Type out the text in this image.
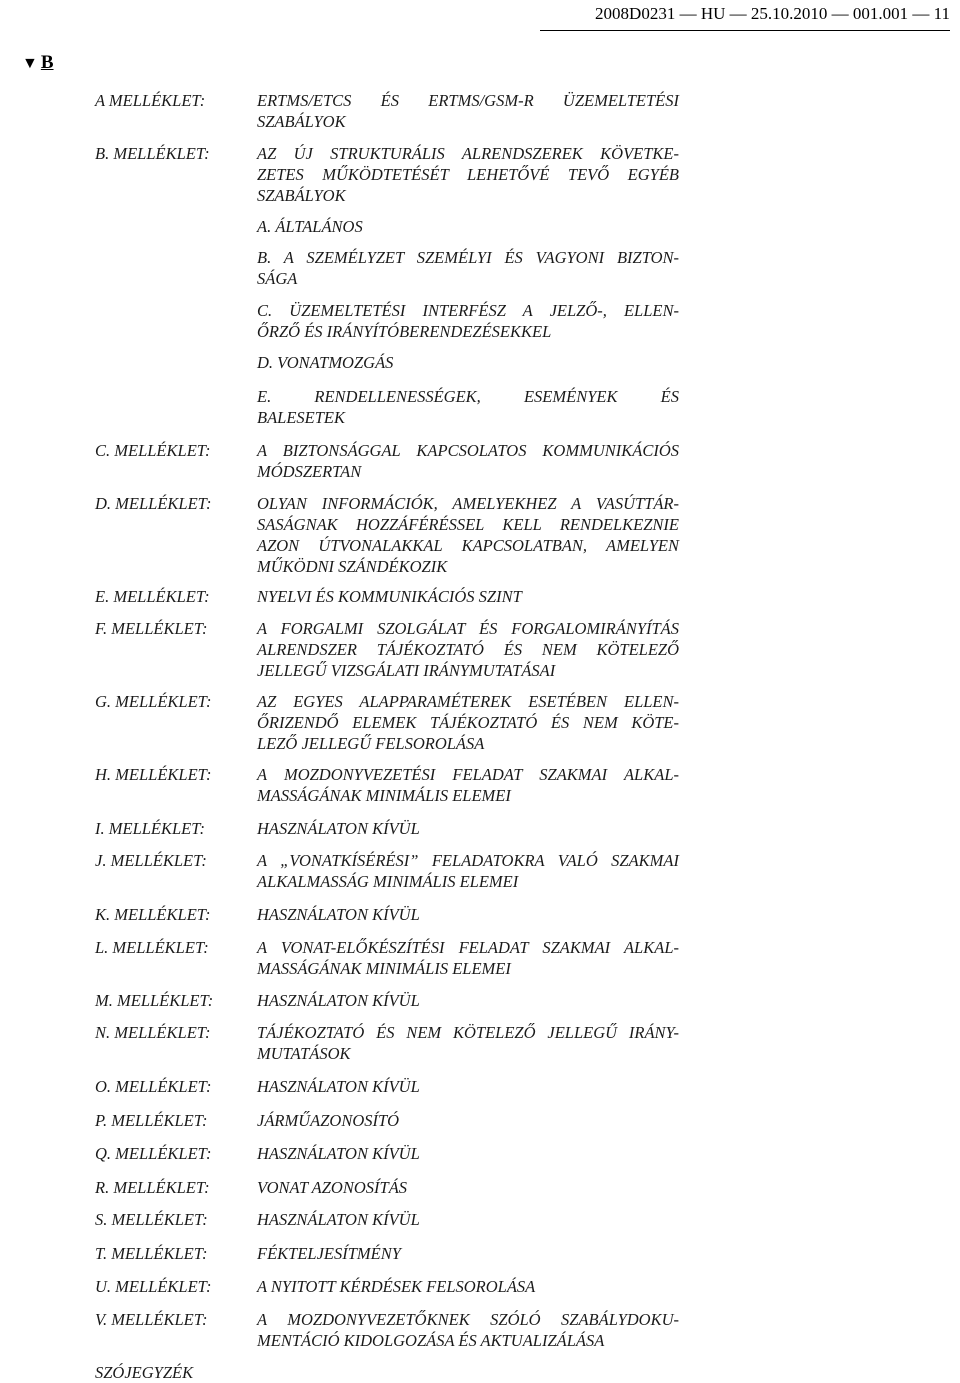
2008D0231 — HU — 25.10.2010 — 001.001 — 11
▼ B
A MELLÉKLET:	ERTMS/ETCS ÉS ERTMS/GSM-R ÜZEMELTETÉSI
SZABÁLYOK
B. MELLÉKLET:	AZ ÚJ STRUKTURÁLIS ALRENDSZEREK KÖVETKE-
ZETES MŰKÖDTETÉSÉT LEHETŐVÉ TEVŐ EGYÉB
SZABÁLYOK
A. ÁLTALÁNOS
B. A SZEMÉLYZET SZEMÉLYI ÉS VAGYONI BIZTON-
SÁGA
C. ÜZEMELTETÉSI INTERFÉSZ A JELZŐ-, ELLEN-
ŐRZŐ ÉS IRÁNYÍTÓBERENDEZÉSEKKEL
D. VONATMOZGÁS
E. RENDELLENESSÉGEK, ESEMÉNYEK ÉS
BALESETEK
C. MELLÉKLET:	A BIZTONSÁGGAL KAPCSOLATOS KOMMUNIKÁCIÓS
MÓDSZERTAN
D. MELLÉKLET:	OLYAN INFORMÁCIÓK, AMELYEKHEZ A VASÚTTÁR-
SASÁGNAK HOZZÁFÉRÉSSEL KELL RENDELKEZNIE
AZON ÚTVONALAKKAL KAPCSOLATBAN, AMELYEN
MŰKÖDNI SZÁNDÉKOZIK
E. MELLÉKLET:	NYELVI ÉS KOMMUNIKÁCIÓS SZINT
F. MELLÉKLET:	A FORGALMI SZOLGÁLAT ÉS FORGALOMIRÁNYÍTÁS
ALRENDSZER TÁJÉKOZTATÓ ÉS NEM KÖTELEZŐ
JELLEGŰ VIZSGÁLATI IRÁNYMUTATÁSAI
G. MELLÉKLET:	AZ EGYES ALAPPARAMÉTEREK ESETÉBEN ELLEN-
ŐRIZENDŐ ELEMEK TÁJÉKOZTATÓ ÉS NEM KÖTE-
LEZŐ JELLEGŰ FELSOROLÁSA
H. MELLÉKLET:	A MOZDONYVEZETÉSI FELADAT SZAKMAI ALKAL-
MASSÁGÁNAK MINIMÁLIS ELEMEI
I. MELLÉKLET:	HASZNÁLATON KÍVÜL
J. MELLÉKLET:	A „VONATKÍSÉRÉSI” FELADATOKRA VALÓ SZAKMAI
ALKALMASSÁG MINIMÁLIS ELEMEI
K. MELLÉKLET:	HASZNÁLATON KÍVÜL
L. MELLÉKLET:	A VONAT-ELŐKÉSZÍTÉSI FELADAT SZAKMAI ALKAL-
MASSÁGÁNAK MINIMÁLIS ELEMEI
M. MELLÉKLET:	HASZNÁLATON KÍVÜL
N. MELLÉKLET:	TÁJÉKOZTATÓ ÉS NEM KÖTELEZŐ JELLEGŰ IRÁNY-
MUTATÁSOK
O. MELLÉKLET:	HASZNÁLATON KÍVÜL
P. MELLÉKLET:	JÁRMŰAZONOSÍTÓ
Q. MELLÉKLET:	HASZNÁLATON KÍVÜL
R. MELLÉKLET:	VONAT AZONOSÍTÁS
S. MELLÉKLET:	HASZNÁLATON KÍVÜL
T. MELLÉKLET:	FÉKTELJESÍTMÉNY
U. MELLÉKLET:	A NYITOTT KÉRDÉSEK FELSOROLÁSA
V. MELLÉKLET:	A MOZDONYVEZETŐKNEK SZÓLÓ SZABÁLYDOKU-
MENTÁCIÓ KIDOLGOZÁSA ÉS AKTUALIZÁLÁSA
SZÓJEGYZÉK
